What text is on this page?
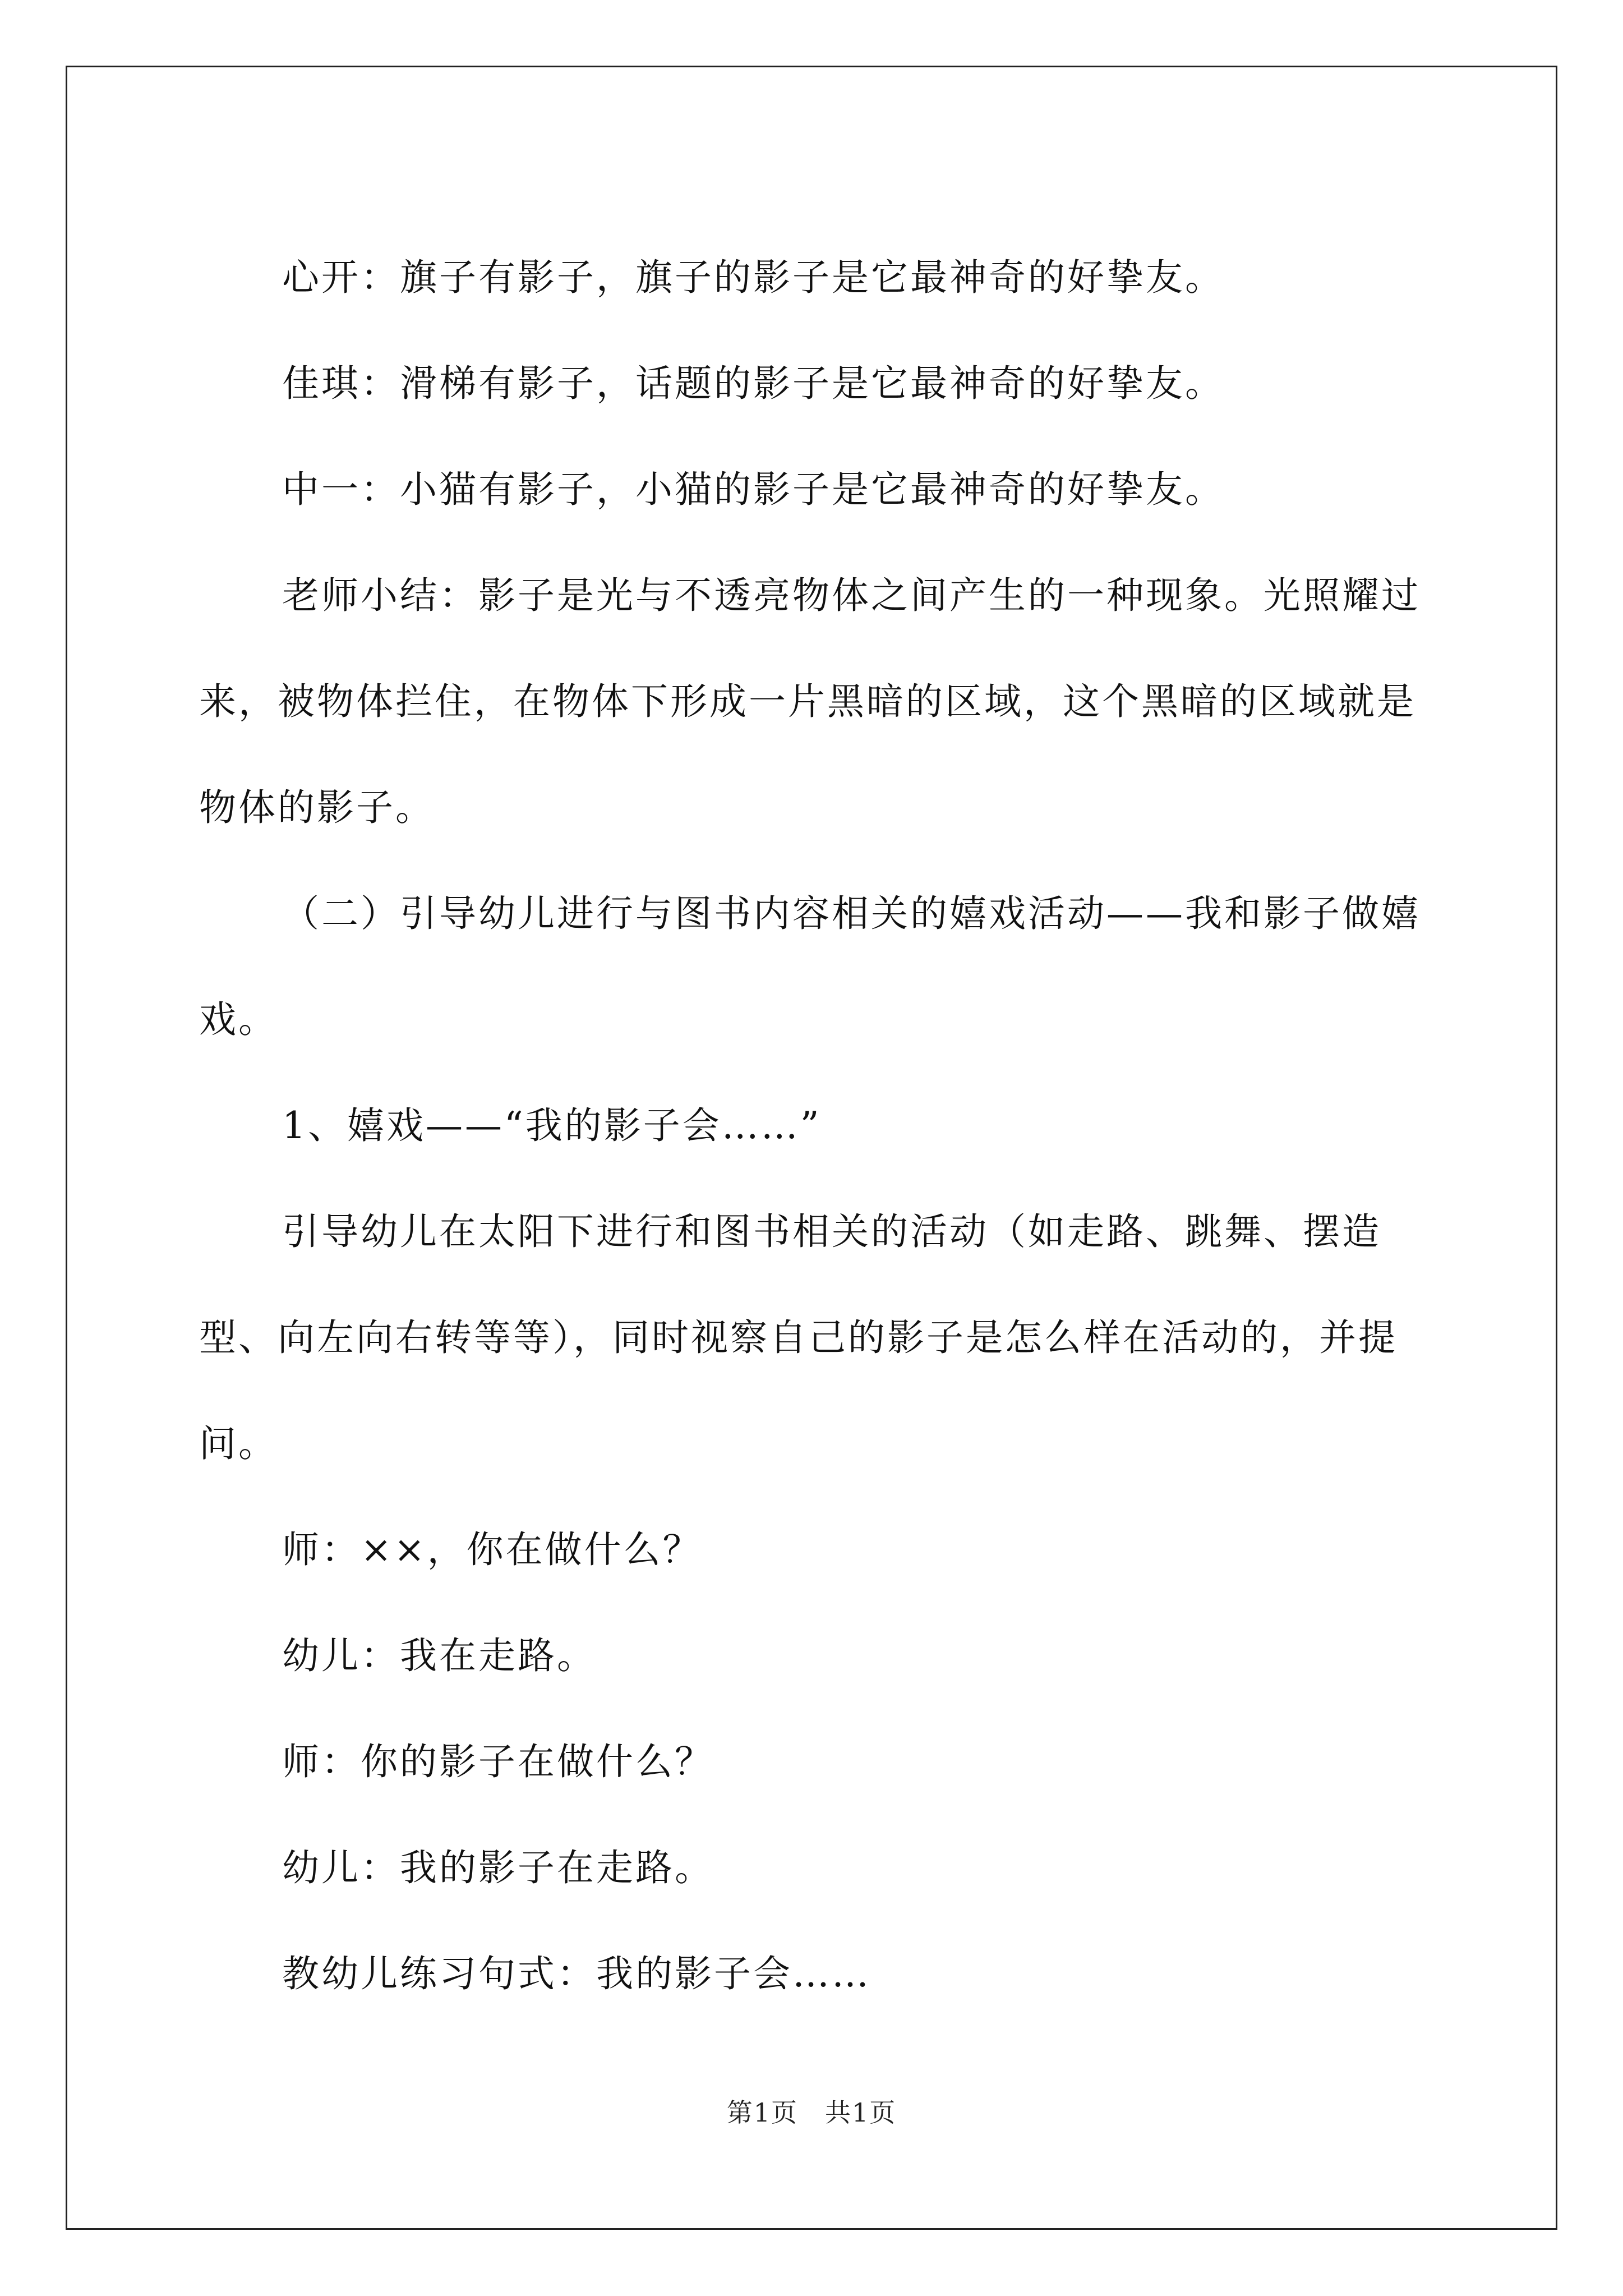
心开：旗子有影子，旗子的影子是它最神奇的好挚友。

佳琪：滑梯有影子，话题的影子是它最神奇的好挚友。

中一：小猫有影子，小猫的影子是它最神奇的好挚友。

老师小结：影子是光与不透亮物体之间产生的一种现象。光照耀过来，被物体拦住，在物体下形成一片黑暗的区域，这个黑暗的区域就是物体的影子。

（二）引导幼儿进行与图书内容相关的嬉戏活动——我和影子做嬉戏。

1、嬉戏——“我的影子会……”

引导幼儿在太阳下进行和图书相关的活动（如走路、跳舞、摆造型、向左向右转等等），同时视察自己的影子是怎么样在活动的，并提问。

师：××，你在做什么？

幼儿：我在走路。

师：你的影子在做什么？

幼儿：我的影子在走路。

教幼儿练习句式：我的影子会……

第1页　共1页
